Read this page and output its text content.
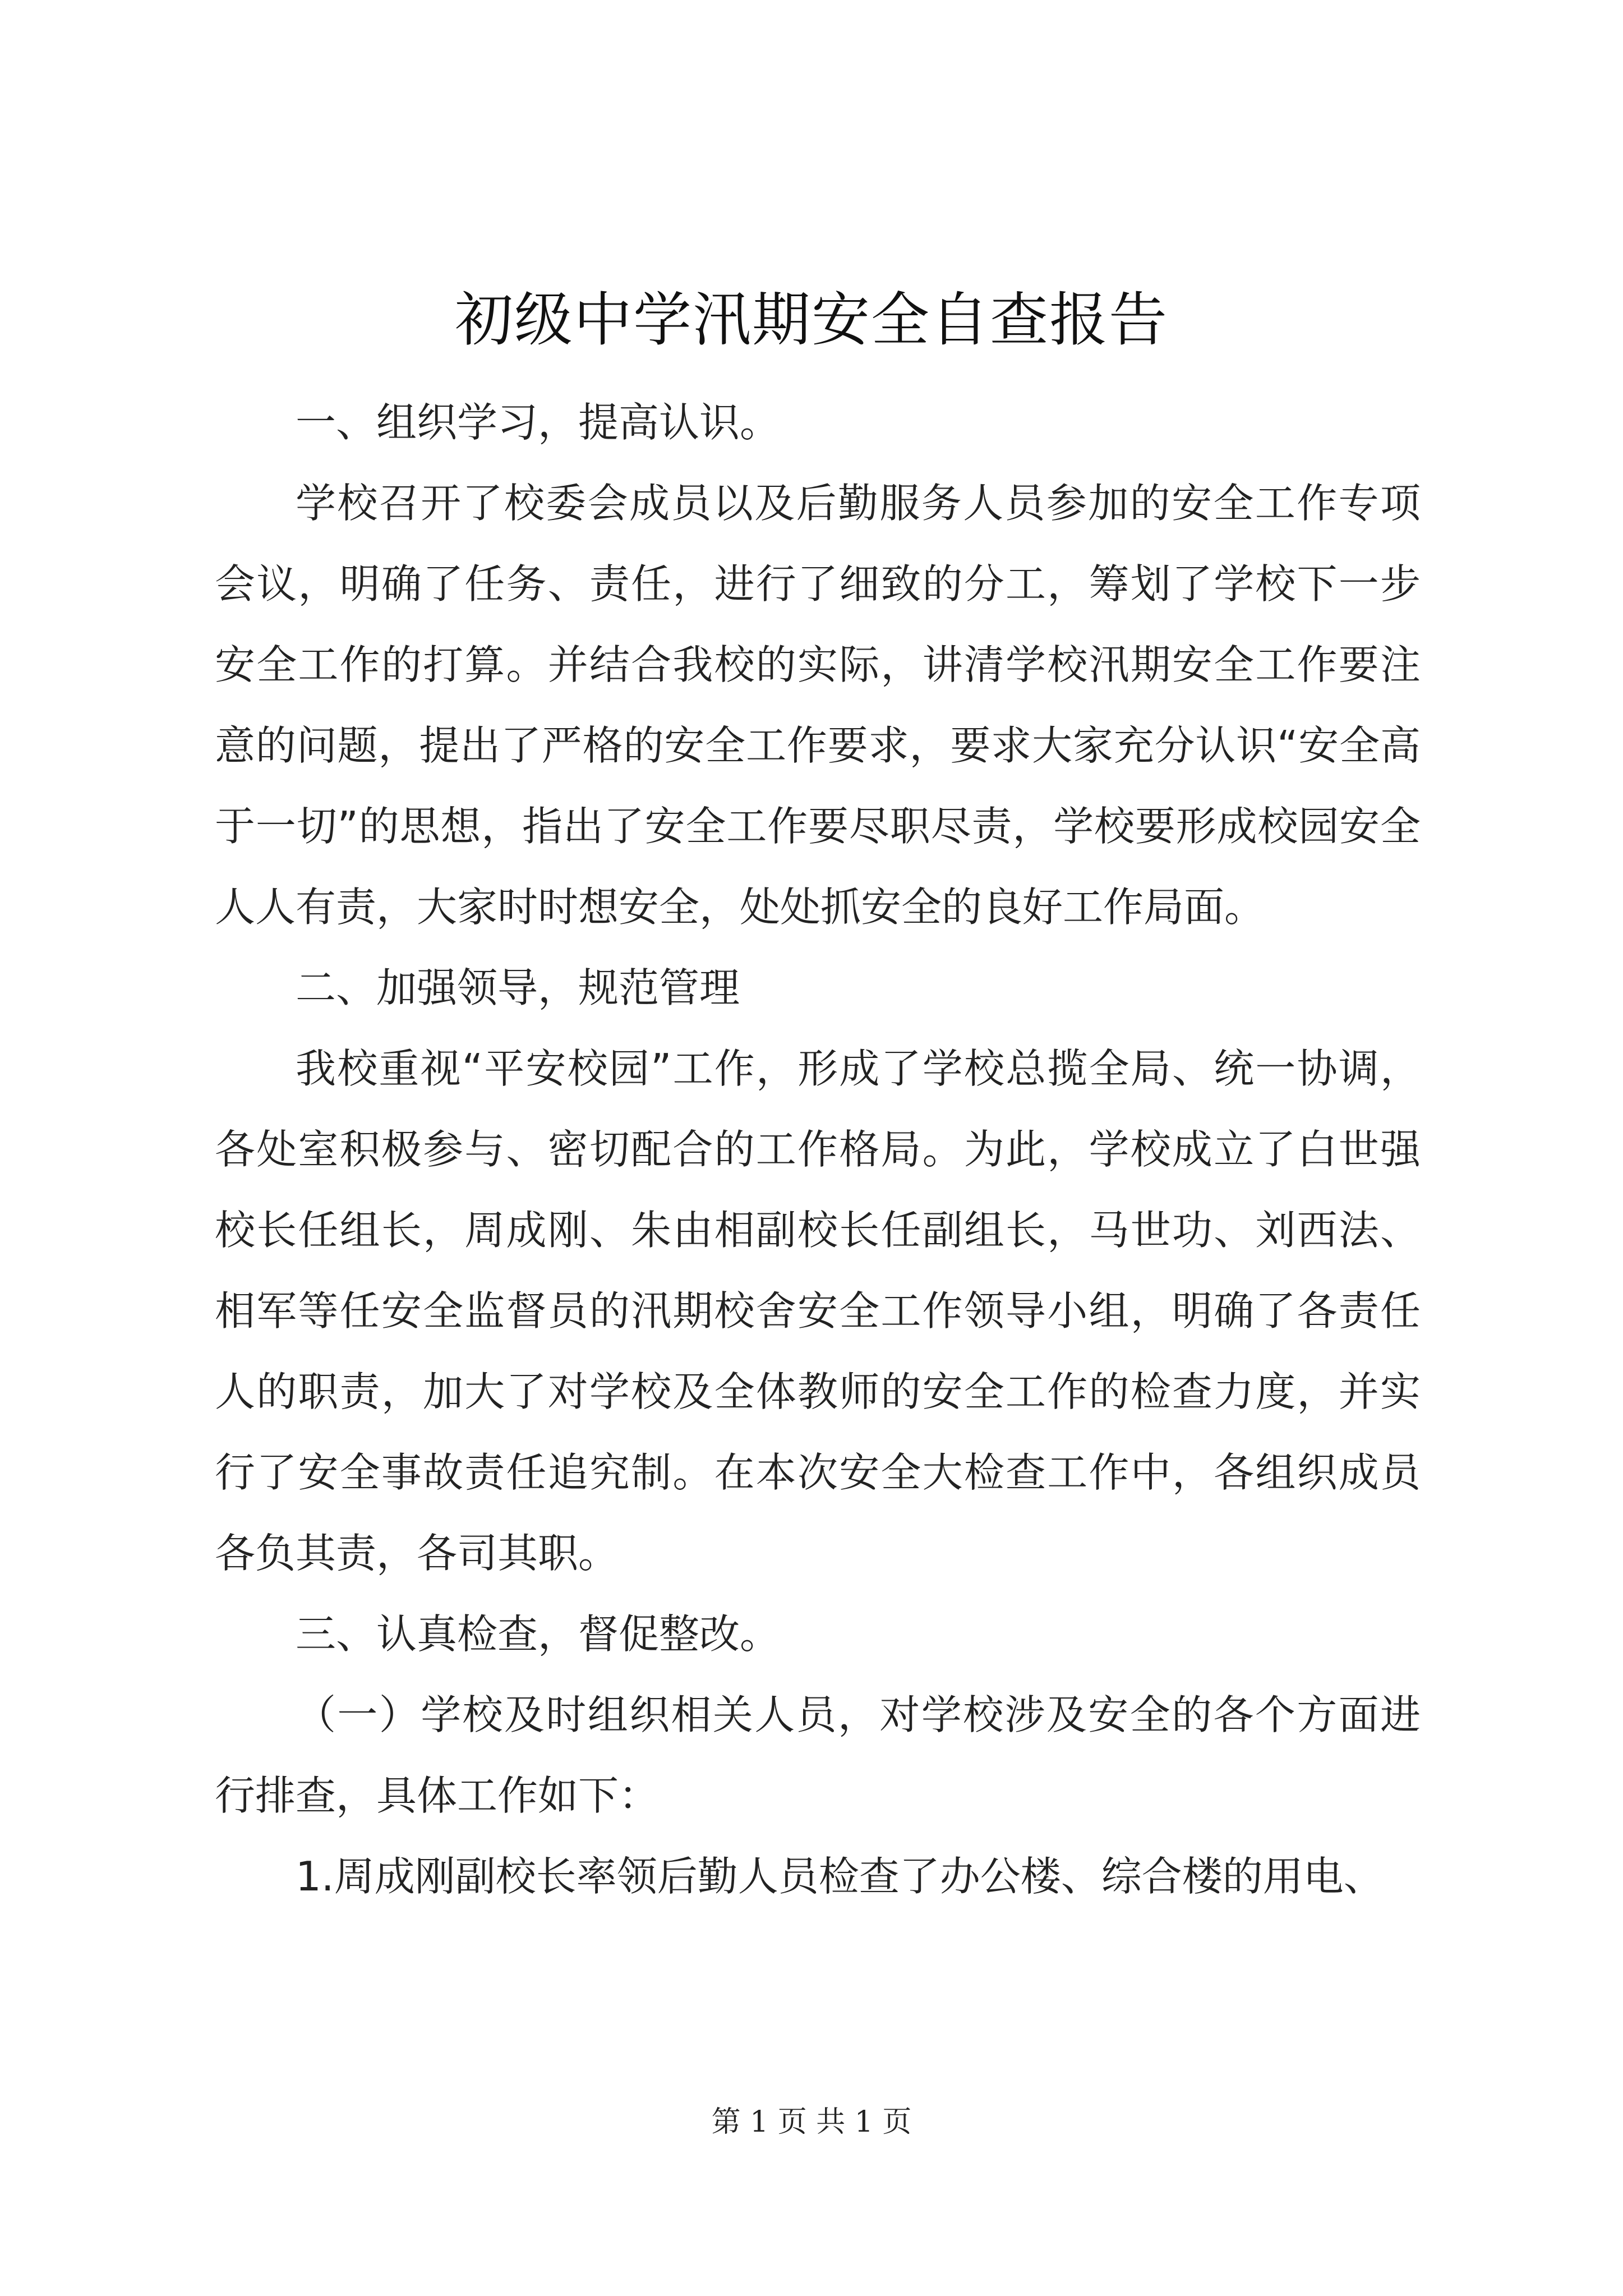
初级中学汛期安全自查报告

一、组织学习，提高认识。

学校召开了校委会成员以及后勤服务人员参加的安全工作专项会议，明确了任务、责任，进行了细致的分工，筹划了学校下一步安全工作的打算。并结合我校的实际，讲清学校汛期安全工作要注意的问题，提出了严格的安全工作要求，要求大家充分认识“安全高于一切”的思想，指出了安全工作要尽职尽责，学校要形成校园安全人人有责，大家时时想安全，处处抓安全的良好工作局面。

二、加强领导，规范管理

我校重视“平安校园”工作，形成了学校总揽全局、统一协调，各处室积极参与、密切配合的工作格局。为此，学校成立了白世强校长任组长，周成刚、朱由相副校长任副组长，马世功、刘西法、相军等任安全监督员的汛期校舍安全工作领导小组，明确了各责任人的职责，加大了对学校及全体教师的安全工作的检查力度，并实行了安全事故责任追究制。在本次安全大检查工作中，各组织成员各负其责，各司其职。

三、认真检查，督促整改。

（一）学校及时组织相关人员，对学校涉及安全的各个方面进行排查，具体工作如下：

1.周成刚副校长率领后勤人员检查了办公楼、综合楼的用电、

第 1 页 共 1 页
